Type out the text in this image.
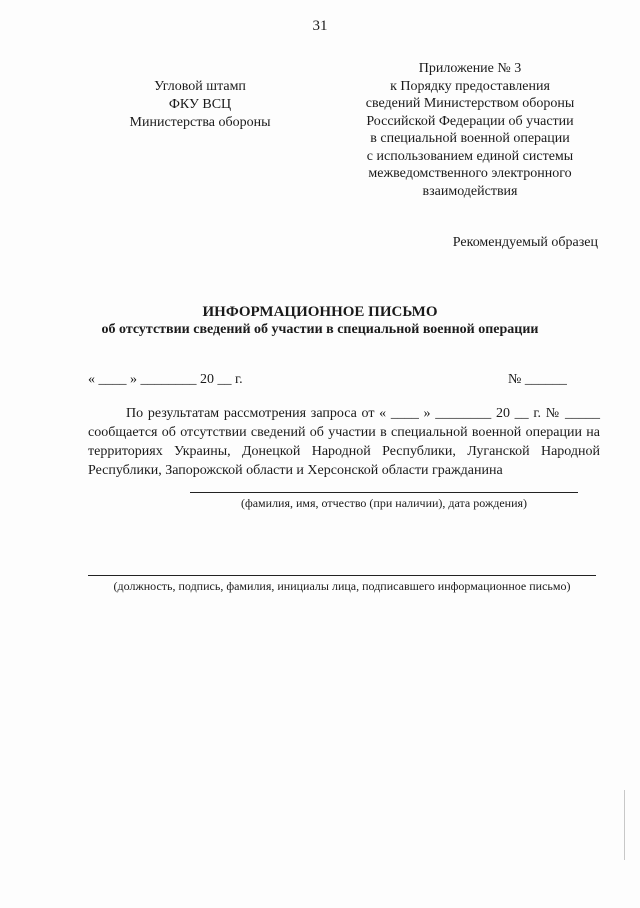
31
Угловой штамп
ФКУ ВСЦ
Министерства обороны
Приложение № 3
к Порядку предоставления
сведений Министерством обороны
Российской Федерации об участии
в специальной военной операции
с использованием единой системы
межведомственного электронного
взаимодействия
Рекомендуемый образец
ИНФОРМАЦИОННОЕ ПИСЬМО
об отсутствии сведений об участии в специальной военной операции
« ____ » ________ 20 __ г.	№ ______
По результатам рассмотрения запроса от « ____ » ________ 20 __ г. № _____ сообщается об отсутствии сведений об участии в специальной военной операции на территориях Украины, Донецкой Народной Республики, Луганской Народной Республики, Запорожской области и Херсонской области гражданина
(фамилия, имя, отчество (при наличии), дата рождения)
(должность, подпись, фамилия, инициалы лица, подписавшего информационное письмо)
